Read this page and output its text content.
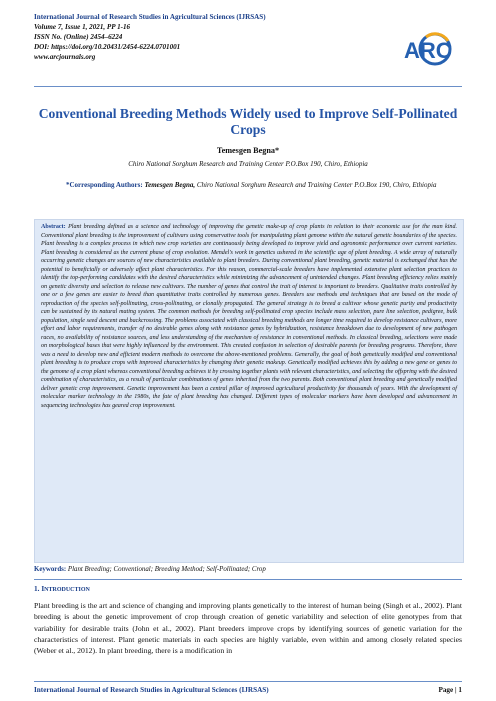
International Journal of Research Studies in Agricultural Sciences (IJRSAS)
Volume 7, Issue 1, 2021, PP 1-16
ISSN No. (Online) 2454–6224
DOI: https://doi.org/10.20431/2454-6224.0701001
www.arcjournals.org	ARC
Conventional Breeding Methods Widely used to Improve Self-Pollinated Crops
Temesgen Begna*
Chiro National Sorghum Research and Training Center P.O.Box 190, Chiro, Ethiopia
*Corresponding Authors: Temesgen Begna, Chiro National Sorghum Research and Training Center P.O.Box 190, Chiro, Ethiopia
Abstract: Plant breeding defined as a science and technology of improving the genetic make-up of crop plants in relation to their economic use for the man kind. Conventional plant breeding is the improvement of cultivars using conservative tools for manipulating plant genome within the natural genetic boundaries of the species. Plant breeding is a complex process in which new crop varieties are continuously being developed to improve yield and agronomic performance over current varieties. Plant breeding is considered as the current phase of crop evolution. Mendel's work in genetics ushered in the scientific age of plant breeding. A wide array of naturally occurring genetic changes are sources of new characteristics available to plant breeders. During conventional plant breeding, genetic material is exchanged that has the potential to beneficially or adversely affect plant characteristics. For this reason, commercial-scale breeders have implemented extensive plant selection practices to identify the top-performing candidates with the desired characteristics while minimizing the advancement of unintended changes. Plant breeding efficiency relies mainly on genetic diversity and selection to release new cultivars. The number of genes that control the trait of interest is important to breeders. Qualitative traits controlled by one or a few genes are easier to breed than quantitative traits controlled by numerous genes. Breeders use methods and techniques that are based on the mode of reproduction of the species self-pollinating, cross-pollinating, or clonally propagated. The general strategy is to breed a cultivar whose genetic purity and productivity can be sustained by its natural mating system. The common methods for breeding self-pollinated crop species include mass selection, pure line selection, pedigree, bulk population, single seed descent and backcrossing. The problems associated with classical breeding methods are longer time required to develop resistance cultivars, more effort and labor requirements, transfer of no desirable genes along with resistance genes by hybridization, resistance breakdown due to development of new pathogen races, no availability of resistance sources, and less understanding of the mechanism of resistance in conventional methods. In classical breeding, selections were made on morphological bases that were highly influenced by the environment. This created confusion in selection of desirable parents for breeding programs. Therefore, there was a need to develop new and efficient modern methods to overcome the above-mentioned problems. Generally, the goal of both genetically modified and conventional plant breeding is to produce crops with improved characteristics by changing their genetic makeup. Genetically modified achieves this by adding a new gene or genes to the genome of a crop plant whereas conventional breeding achieves it by crossing together plants with relevant characteristics, and selecting the offspring with the desired combination of characteristics, as a result of particular combinations of genes inherited from the two parents. Both conventional plant breeding and genetically modified deliver genetic crop improvement. Genetic improvement has been a central pillar of improved agricultural productivity for thousands of years. With the development of molecular marker technology in the 1980s, the fate of plant breeding has changed. Different types of molecular markers have been developed and advancement in sequencing technologies has geared crop improvement.
Keywords: Plant Breeding; Conventional; Breeding Method; Self-Pollinated; Crop
1. INTRODUCTION
Plant breeding is the art and science of changing and improving plants genetically to the interest of human being (Singh et al., 2002). Plant breeding is about the genetic improvement of crop through creation of genetic variability and selection of elite genotypes from that variability for desirable traits (John et al., 2002). Plant breeders improve crops by identifying sources of genetic variation for the characteristics of interest. Plant genetic materials in each species are highly variable, even within and among closely related species (Weber et al., 2012). In plant breeding, there is a modification in
International Journal of Research Studies in Agricultural Sciences (IJRSAS)	Page | 1
